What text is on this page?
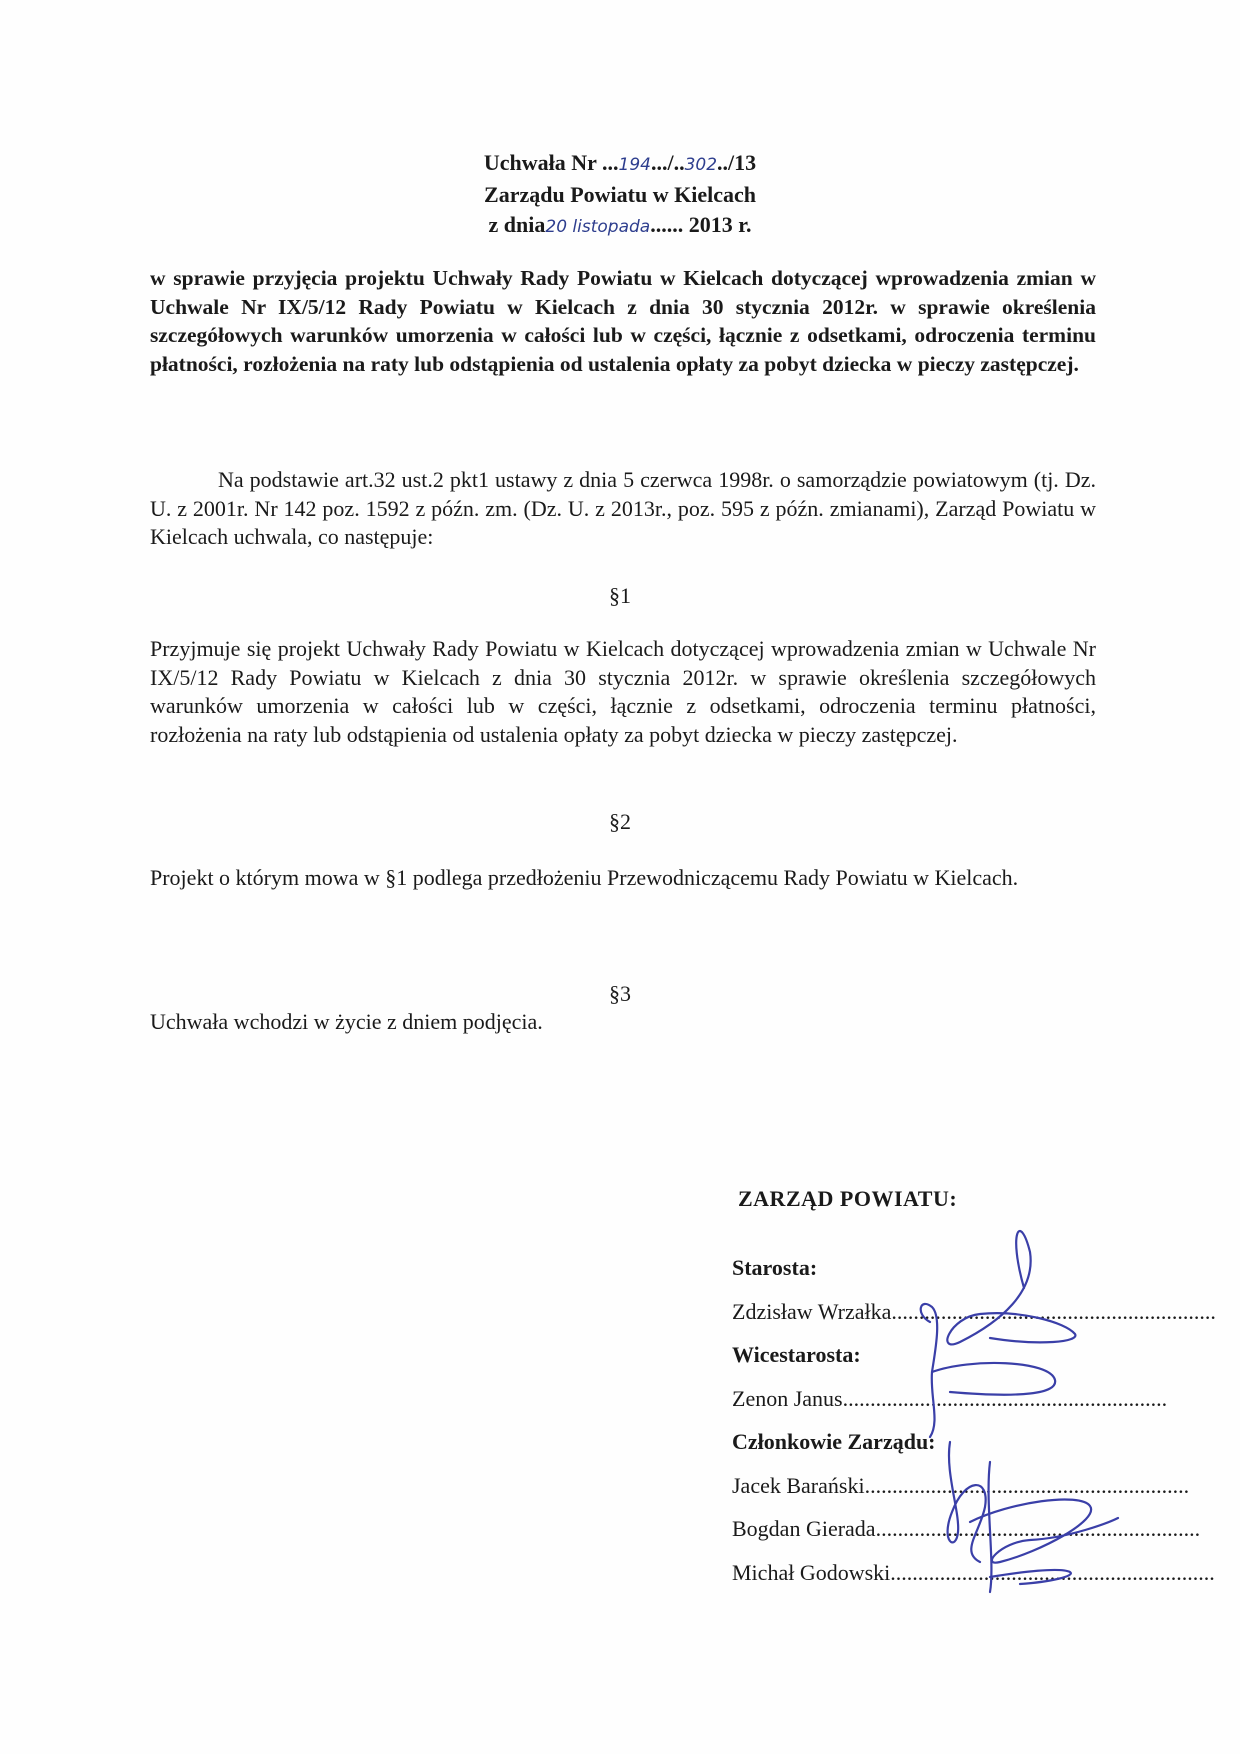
Uchwała Nr ...194.../..302../13
Zarządu Powiatu w Kielcach
z dnia20 listopada...... 2013 r.
w sprawie przyjęcia projektu Uchwały Rady Powiatu w Kielcach dotyczącej wprowadzenia zmian w Uchwale Nr IX/5/12 Rady Powiatu w Kielcach z dnia 30 stycznia 2012r. w sprawie określenia szczegółowych warunków umorzenia w całości lub w części, łącznie z odsetkami, odroczenia terminu płatności, rozłożenia na raty lub odstąpienia od ustalenia opłaty za pobyt dziecka w pieczy zastępczej.
Na podstawie art.32 ust.2 pkt1 ustawy z dnia 5 czerwca 1998r. o samorządzie powiatowym (tj. Dz. U. z 2001r. Nr 142 poz. 1592 z późn. zm. (Dz. U. z 2013r., poz. 595 z późn. zmianami), Zarząd Powiatu w Kielcach uchwala, co następuje:
§1
Przyjmuje się projekt Uchwały Rady Powiatu w Kielcach dotyczącej wprowadzenia zmian w Uchwale Nr IX/5/12 Rady Powiatu w Kielcach z dnia 30 stycznia 2012r. w sprawie określenia szczegółowych warunków umorzenia w całości lub w części, łącznie z odsetkami, odroczenia terminu płatności, rozłożenia na raty lub odstąpienia od ustalenia opłaty za pobyt dziecka w pieczy zastępczej.
§2
Projekt o którym mowa w §1 podlega przedłożeniu Przewodniczącemu Rady Powiatu w Kielcach.
§3
Uchwała wchodzi w życie z dniem podjęcia.
ZARZĄD POWIATU:
Starosta:
Zdzisław Wrzałka...........................................................
Wicestarosta:
Zenon Janus...........................................................
Członkowie Zarządu:
Jacek Barański...........................................................
Bogdan Gierada...........................................................
Michał Godowski...........................................................
